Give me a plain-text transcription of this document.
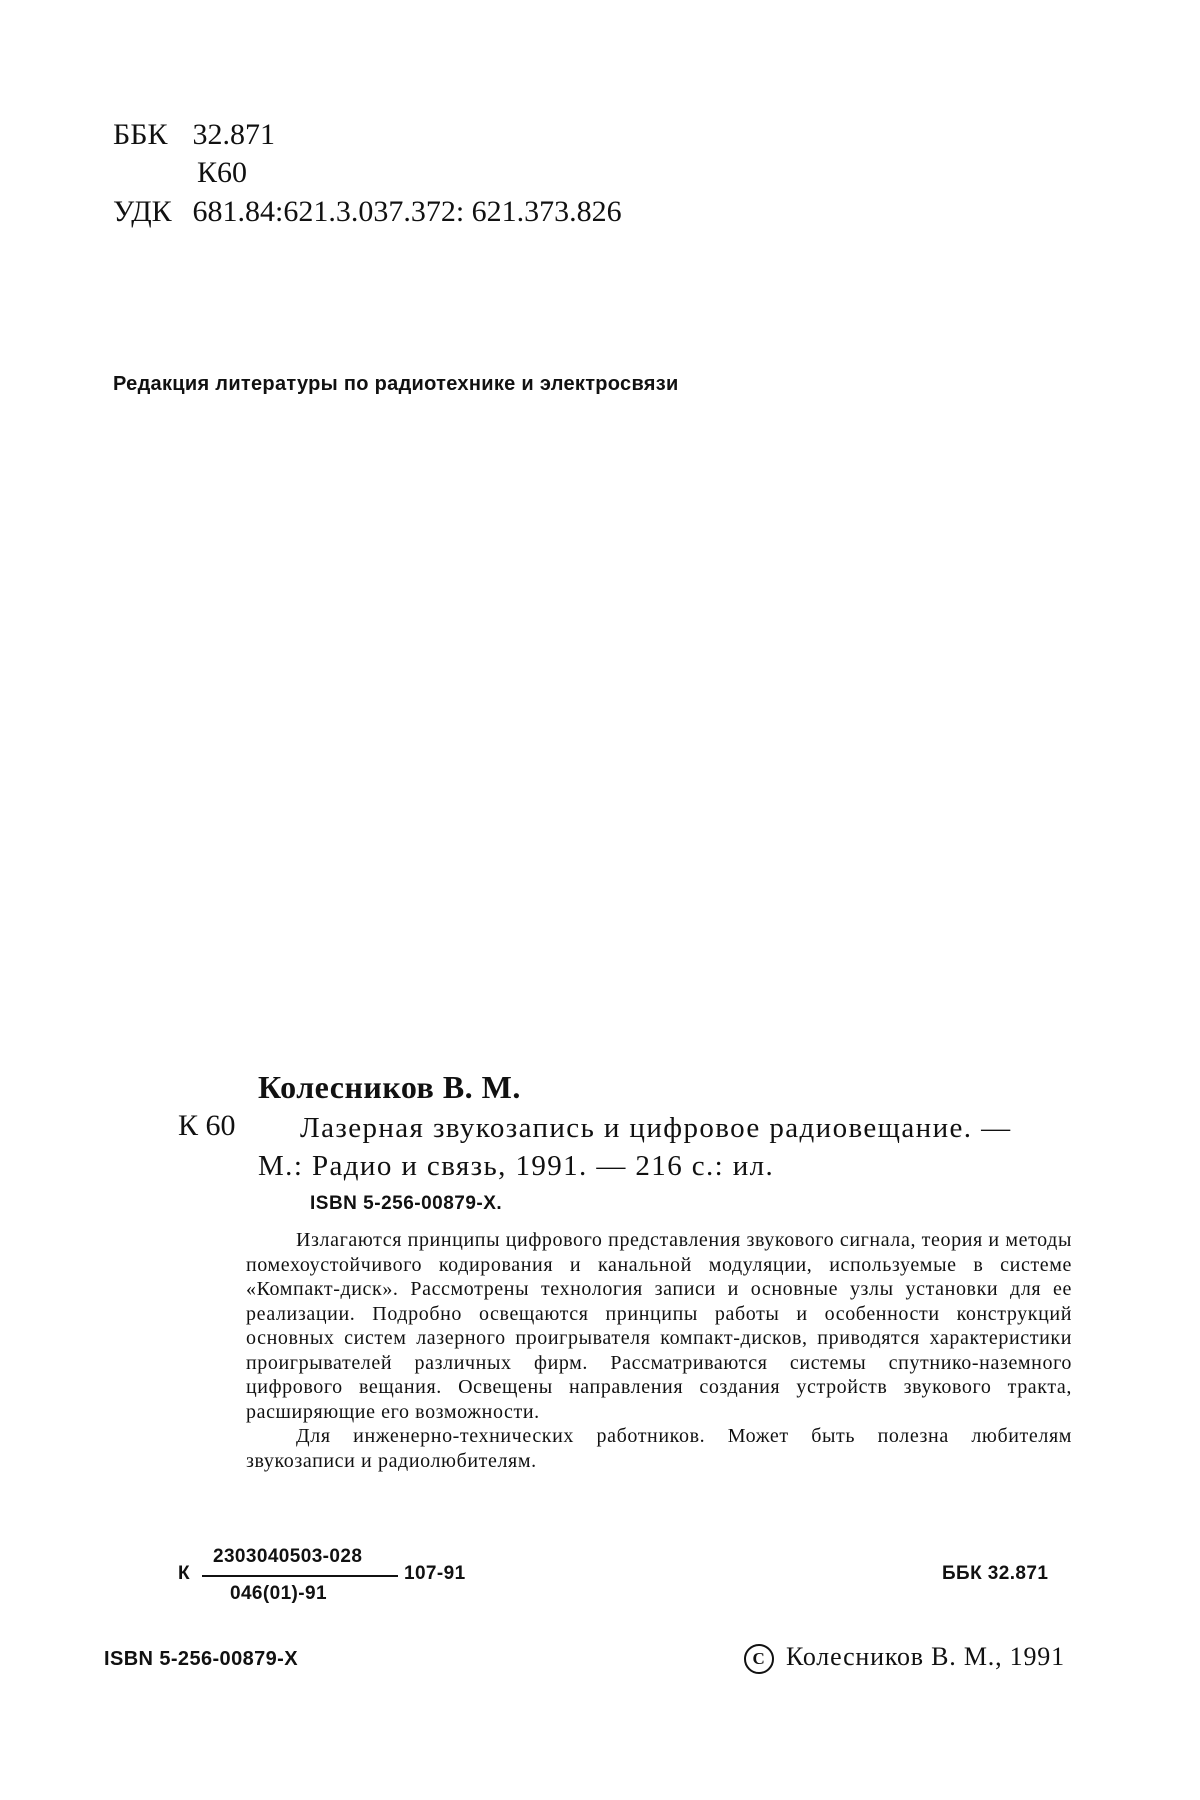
ББК 32.871
К60
УДК 681.84:621.3.037.372: 621.373.826
Редакция литературы по радиотехнике и электросвязи
Колесников В. М.
К 60 Лазерная звукозапись и цифровое радиовещание. —
М.: Радио и связь, 1991. — 216 с.: ил.
ISBN 5-256-00879-X.

Излагаются принципы цифрового представления звукового сигнала, теория и методы помехоустойчивого кодирования и канальной модуляции, используемые в системе «Компакт-диск». Рассмотрены технология записи и основные узлы установки для ее реализации. Подробно освещаются принципы работы и особенности конструкций основных систем лазерного проигрывателя компакт-дисков, приводятся характеристики проигрывателей различных фирм. Рассматриваются системы спутнико-наземного цифрового вещания. Освещены направления создания устройств звукового тракта, расширяющие его возможности.

Для инженерно-технических работников. Может быть полезна любителям звукозаписи и радиолюбителям.

К
2303040503-028
046(01)-91
107-91	ББК 32.871
ISBN 5-256-00879-X	C Колесников В. М., 1991
